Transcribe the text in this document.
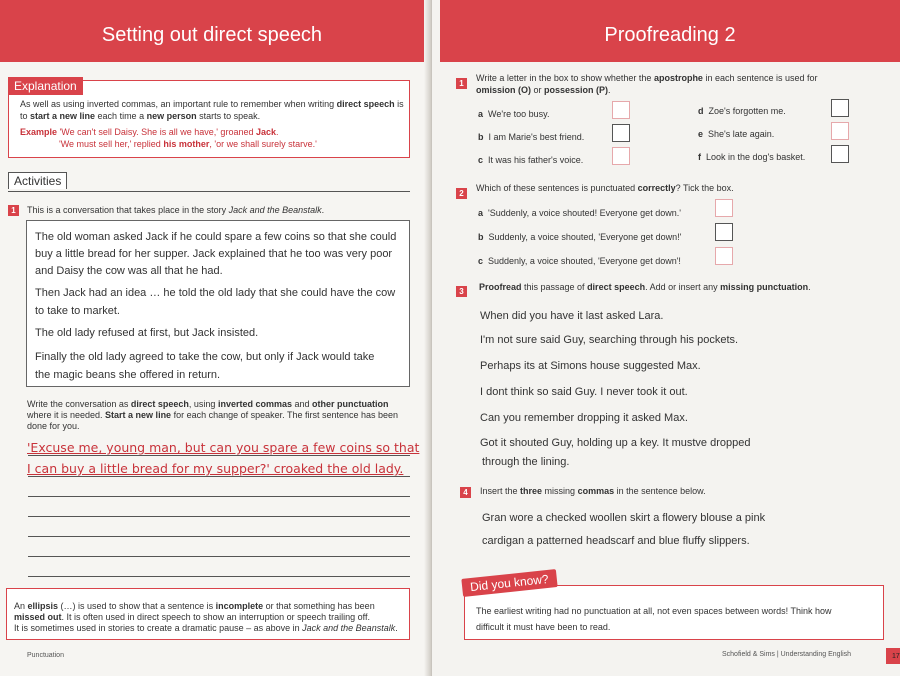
Setting out direct speech
Explanation
As well as using inverted commas, an important rule to remember when writing direct speech is
to start a new line each time a new person starts to speak.
Example 'We can't sell Daisy. She is all we have,' groaned Jack.
'We must sell her,' replied his mother, 'or we shall surely starve.'
Activities
1	This is a conversation that takes place in the story Jack and the Beanstalk.
The old woman asked Jack if he could spare a few coins so that she could
buy a little bread for her supper. Jack explained that he too was very poor
and Daisy the cow was all that he had.
Then Jack had an idea … he told the old lady that she could have the cow
to take to market.
The old lady refused at first, but Jack insisted.
Finally the old lady agreed to take the cow, but only if Jack would take
the magic beans she offered in return.
Write the conversation as direct speech, using inverted commas and other punctuation
where it is needed. Start a new line for each change of speaker. The first sentence has been
done for you.
'Excuse me, young man, but can you spare a few coins so that
I can buy a little bread for my supper?' croaked the old lady.
An ellipsis (…) is used to show that a sentence is incomplete or that something has been
missed out. It is often used in direct speech to show an interruption or speech trailing off.
It is sometimes used in stories to create a dramatic pause – as above in Jack and the Beanstalk.
Punctuation
Proofreading 2
1
Write a letter in the box to show whether the apostrophe in each sentence is used for
omission (O) or possession (P).
a We're too busy.
b I am Marie's best friend.
c It was his father's voice.
d Zoe's forgotten me.
e She's late again.
f Look in the dog's basket.
2
Which of these sentences is punctuated correctly? Tick the box.
a 'Suddenly, a voice shouted! Everyone get down.'
b Suddenly, a voice shouted, 'Everyone get down!'
c Suddenly, a voice shouted, 'Everyone get down'!
3	Proofread this passage of direct speech. Add or insert any missing punctuation.
When did you have it last asked Lara.
I'm not sure said Guy, searching through his pockets.
Perhaps its at Simons house suggested Max.
I dont think so said Guy. I never took it out.
Can you remember dropping it asked Max.
Got it shouted Guy, holding up a key. It mustve dropped
through the lining.
4	Insert the three missing commas in the sentence below.
Gran wore a checked woollen skirt a flowery blouse a pink
cardigan a patterned headscarf and blue fluffy slippers.
Did you know?
The earliest writing had no punctuation at all, not even spaces between words! Think how
difficult it must have been to read.
Schofield & Sims | Understanding English	17
